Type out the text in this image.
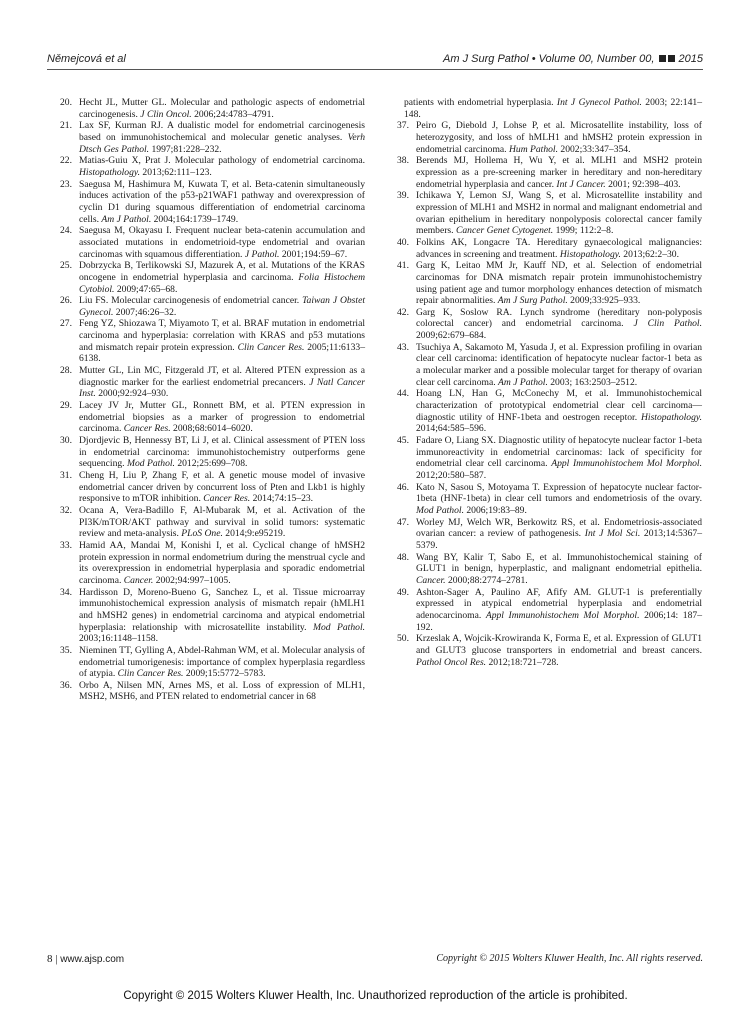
Němejcová et al	Am J Surg Pathol • Volume 00, Number 00, 2015

20. Hecht JL, Mutter GL. Molecular and pathologic aspects of endometrial carcinogenesis. J Clin Oncol. 2006;24:4783–4791.

21. Lax SF, Kurman RJ. A dualistic model for endometrial carcinogenesis based on immunohistochemical and molecular genetic analyses. Verh Dtsch Ges Pathol. 1997;81:228–232.

22. Matias-Guiu X, Prat J. Molecular pathology of endometrial carcinoma. Histopathology. 2013;62:111–123.

23. Saegusa M, Hashimura M, Kuwata T, et al. Beta-catenin simultaneously induces activation of the p53-p21WAF1 pathway and overexpression of cyclin D1 during squamous differentiation of endometrial carcinoma cells. Am J Pathol. 2004;164:1739–1749.

24. Saegusa M, Okayasu I. Frequent nuclear beta-catenin accumulation and associated mutations in endometrioid-type endometrial and ovarian carcinomas with squamous differentiation. J Pathol. 2001;194:59–67.

25. Dobrzycka B, Terlikowski SJ, Mazurek A, et al. Mutations of the KRAS oncogene in endometrial hyperplasia and carcinoma. Folia Histochem Cytobiol. 2009;47:65–68.

26. Liu FS. Molecular carcinogenesis of endometrial cancer. Taiwan J Obstet Gynecol. 2007;46:26–32.

27. Feng YZ, Shiozawa T, Miyamoto T, et al. BRAF mutation in endometrial carcinoma and hyperplasia: correlation with KRAS and p53 mutations and mismatch repair protein expression. Clin Cancer Res. 2005;11:6133–6138.

28. Mutter GL, Lin MC, Fitzgerald JT, et al. Altered PTEN expression as a diagnostic marker for the earliest endometrial precancers. J Natl Cancer Inst. 2000;92:924–930.

29. Lacey JV Jr, Mutter GL, Ronnett BM, et al. PTEN expression in endometrial biopsies as a marker of progression to endometrial carcinoma. Cancer Res. 2008;68:6014–6020.

30. Djordjevic B, Hennessy BT, Li J, et al. Clinical assessment of PTEN loss in endometrial carcinoma: immunohistochemistry outperforms gene sequencing. Mod Pathol. 2012;25:699–708.

31. Cheng H, Liu P, Zhang F, et al. A genetic mouse model of invasive endometrial cancer driven by concurrent loss of Pten and Lkb1 is highly responsive to mTOR inhibition. Cancer Res. 2014;74:15–23.

32. Ocana A, Vera-Badillo F, Al-Mubarak M, et al. Activation of the PI3K/mTOR/AKT pathway and survival in solid tumors: systematic review and meta-analysis. PLoS One. 2014;9:e95219.

33. Hamid AA, Mandai M, Konishi I, et al. Cyclical change of hMSH2 protein expression in normal endometrium during the menstrual cycle and its overexpression in endometrial hyperplasia and sporadic endometrial carcinoma. Cancer. 2002;94:997–1005.

34. Hardisson D, Moreno-Bueno G, Sanchez L, et al. Tissue microarray immunohistochemical expression analysis of mismatch repair (hMLH1 and hMSH2 genes) in endometrial carcinoma and atypical endometrial hyperplasia: relationship with microsatellite instability. Mod Pathol. 2003;16:1148–1158.

35. Nieminen TT, Gylling A, Abdel-Rahman WM, et al. Molecular analysis of endometrial tumorigenesis: importance of complex hyperplasia regardless of atypia. Clin Cancer Res. 2009;15:5772–5783.

36. Orbo A, Nilsen MN, Arnes MS, et al. Loss of expression of MLH1, MSH2, MSH6, and PTEN related to endometrial cancer in 68

patients with endometrial hyperplasia. Int J Gynecol Pathol. 2003; 22:141–148.

37. Peiro G, Diebold J, Lohse P, et al. Microsatellite instability, loss of heterozygosity, and loss of hMLH1 and hMSH2 protein expression in endometrial carcinoma. Hum Pathol. 2002;33:347–354.

38. Berends MJ, Hollema H, Wu Y, et al. MLH1 and MSH2 protein expression as a pre-screening marker in hereditary and non-hereditary endometrial hyperplasia and cancer. Int J Cancer. 2001; 92:398–403.

39. Ichikawa Y, Lemon SJ, Wang S, et al. Microsatellite instability and expression of MLH1 and MSH2 in normal and malignant endometrial and ovarian epithelium in hereditary nonpolyposis colorectal cancer family members. Cancer Genet Cytogenet. 1999; 112:2–8.

40. Folkins AK, Longacre TA. Hereditary gynaecological malignancies: advances in screening and treatment. Histopathology. 2013;62:2–30.

41. Garg K, Leitao MM Jr, Kauff ND, et al. Selection of endometrial carcinomas for DNA mismatch repair protein immunohistochemistry using patient age and tumor morphology enhances detection of mismatch repair abnormalities. Am J Surg Pathol. 2009;33:925–933.

42. Garg K, Soslow RA. Lynch syndrome (hereditary non-polyposis colorectal cancer) and endometrial carcinoma. J Clin Pathol. 2009;62:679–684.

43. Tsuchiya A, Sakamoto M, Yasuda J, et al. Expression profiling in ovarian clear cell carcinoma: identification of hepatocyte nuclear factor-1 beta as a molecular marker and a possible molecular target for therapy of ovarian clear cell carcinoma. Am J Pathol. 2003; 163:2503–2512.

44. Hoang LN, Han G, McConechy M, et al. Immunohistochemical characterization of prototypical endometrial clear cell carcinoma—diagnostic utility of HNF-1beta and oestrogen receptor. Histopathology. 2014;64:585–596.

45. Fadare O, Liang SX. Diagnostic utility of hepatocyte nuclear factor 1-beta immunoreactivity in endometrial carcinomas: lack of specificity for endometrial clear cell carcinoma. Appl Immunohistochem Mol Morphol. 2012;20:580–587.

46. Kato N, Sasou S, Motoyama T. Expression of hepatocyte nuclear factor-1beta (HNF-1beta) in clear cell tumors and endometriosis of the ovary. Mod Pathol. 2006;19:83–89.

47. Worley MJ, Welch WR, Berkowitz RS, et al. Endometriosis-associated ovarian cancer: a review of pathogenesis. Int J Mol Sci. 2013;14:5367–5379.

48. Wang BY, Kalir T, Sabo E, et al. Immunohistochemical staining of GLUT1 in benign, hyperplastic, and malignant endometrial epithelia. Cancer. 2000;88:2774–2781.

49. Ashton-Sager A, Paulino AF, Afify AM. GLUT-1 is preferentially expressed in atypical endometrial hyperplasia and endometrial adenocarcinoma. Appl Immunohistochem Mol Morphol. 2006;14: 187–192.

50. Krzeslak A, Wojcik-Krowiranda K, Forma E, et al. Expression of GLUT1 and GLUT3 glucose transporters in endometrial and breast cancers. Pathol Oncol Res. 2012;18:721–728.

8 | www.ajsp.com	Copyright © 2015 Wolters Kluwer Health, Inc. All rights reserved.
Copyright © 2015 Wolters Kluwer Health, Inc. Unauthorized reproduction of the article is prohibited.
